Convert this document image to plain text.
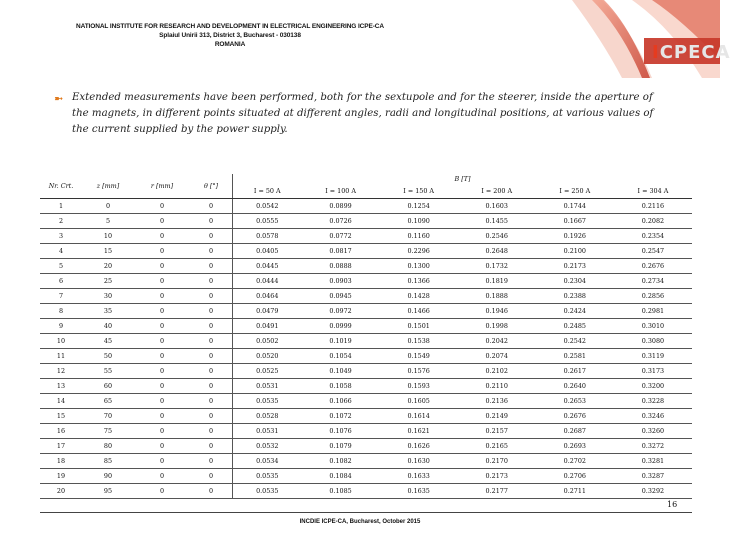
NATIONAL INSTITUTE FOR RESEARCH AND DEVELOPMENT IN ELECTRICAL ENGINEERING ICPE-CA
Splaiul Unirii 313, District 3, Bucharest - 030138
ROMANIA	ICPECA
➼ Extended measurements have been performed, both for the sextupole and for the steerer, inside the aperture of the magnets, in different points situated at different angles, radii and longitudinal positions, at various values of the current supplied by the power supply.
Nr. Crt.	z [mm]	r [mm]	θ [°]	B [T]					
				I = 50 A	I = 100 A	I = 150 A	I = 200 A	I = 250 A	I = 304 A
1	0	0	0	0.0542	0.0899	0.1254	0.1603	0.1744	0.2116
2	5	0	0	0.0555	0.0726	0.1090	0.1455	0.1667	0.2082
3	10	0	0	0.0578	0.0772	0.1160	0.2546	0.1926	0.2354
4	15	0	0	0.0405	0.0817	0.2296	0.2648	0.2100	0.2547
5	20	0	0	0.0445	0.0888	0.1300	0.1732	0.2173	0.2676
6	25	0	0	0.0444	0.0903	0.1366	0.1819	0.2304	0.2734
7	30	0	0	0.0464	0.0945	0.1428	0.1888	0.2388	0.2856
8	35	0	0	0.0479	0.0972	0.1466	0.1946	0.2424	0.2981
9	40	0	0	0.0491	0.0999	0.1501	0.1998	0.2485	0.3010
10	45	0	0	0.0502	0.1019	0.1538	0.2042	0.2542	0.3080
11	50	0	0	0.0520	0.1054	0.1549	0.2074	0.2581	0.3119
12	55	0	0	0.0525	0.1049	0.1576	0.2102	0.2617	0.3173
13	60	0	0	0.0531	0.1058	0.1593	0.2110	0.2640	0.3200
14	65	0	0	0.0535	0.1066	0.1605	0.2136	0.2653	0.3228
15	70	0	0	0.0528	0.1072	0.1614	0.2149	0.2676	0.3246
16	75	0	0	0.0531	0.1076	0.1621	0.2157	0.2687	0.3260
17	80	0	0	0.0532	0.1079	0.1626	0.2165	0.2693	0.3272
18	85	0	0	0.0534	0.1082	0.1630	0.2170	0.2702	0.3281
19	90	0	0	0.0535	0.1084	0.1633	0.2173	0.2706	0.3287
20	95	0	0	0.0535	0.1085	0.1635	0.2177	0.2711	0.3292
16
INCDIE ICPE-CA, Bucharest, October 2015
